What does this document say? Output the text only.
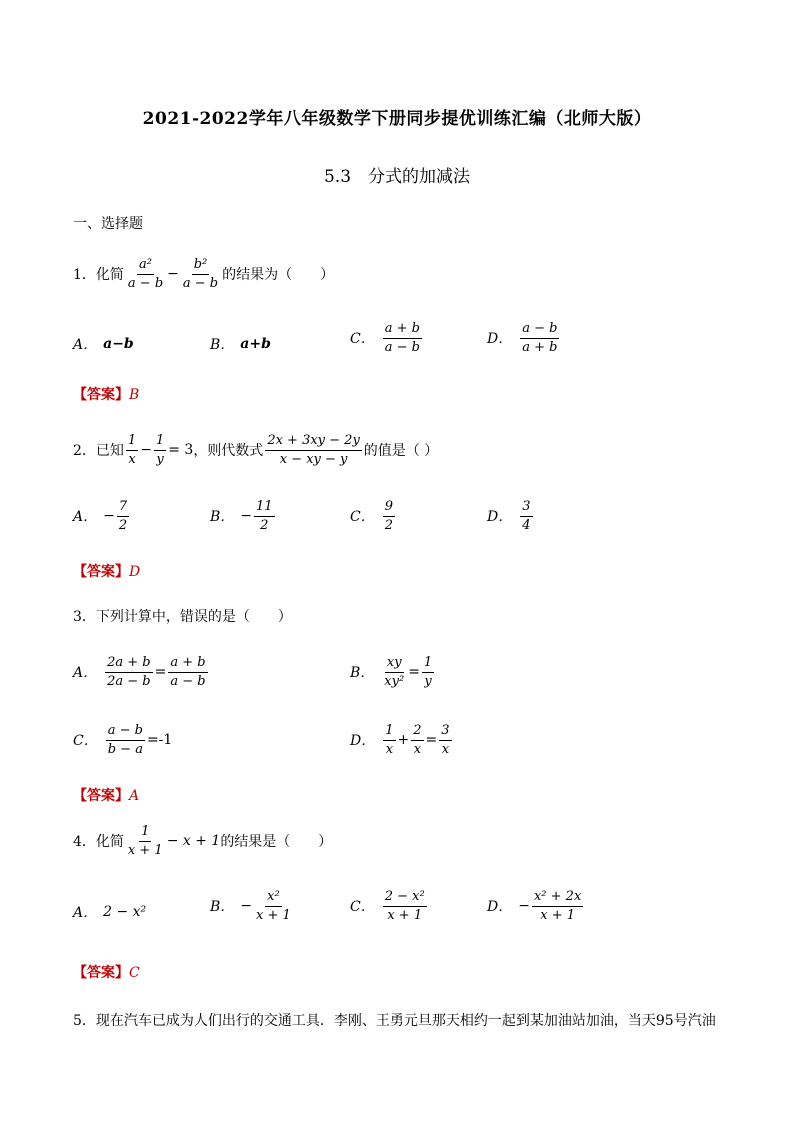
2021-2022学年八年级数学下册同步提优训练汇编（北师大版）
5.3　分式的加减法
一、选择题
1．化简 $\frac{\text{a²}}{a - b} - \frac{\text{b²}}{a - b}$ 的结果为（　　）
A． a−b	B． a+b	C． $\frac{a + b}{a - b}$	D． $\frac{a - b}{a + b}$
【答案】B
2．已知 $\frac{1}{x} - \frac{1}{y} = 3$ ，则代数式 $\frac{2x + 3xy - 2y}{x - xy - y}$ 的值是（ ）
A． − $\frac{7}{2}$	B． − $\frac{11}{2}$	C． $\frac{9}{2}$	D． $\frac{3}{4}$
【答案】D
3．下列计算中，错误的是（　　）
A． $\frac{2a + b}{2a - b} = \frac{a + b}{a - b}$	B． $\frac{xy}{\text{xy²}} = \frac{1}{y}$
C． $\frac{a - b}{b - a} =-1$	D． $\frac{1}{x} + \frac{2}{x} = \frac{3}{x}$
【答案】A
4．化简 $\frac{1}{x + 1} - x + 1$ 的结果是（　　）
A． 2 − x²	B． − $\frac{\text{x²}}{x + 1}$	C． $\frac{\text{2 − x²}}{x + 1}$	D． − $\frac{\text{x² + 2x}}{x + 1}$
【答案】C
5．现在汽车已成为人们出行的交通工具．李刚、王勇元旦那天相约一起到某加油站加油，当天95号汽油
